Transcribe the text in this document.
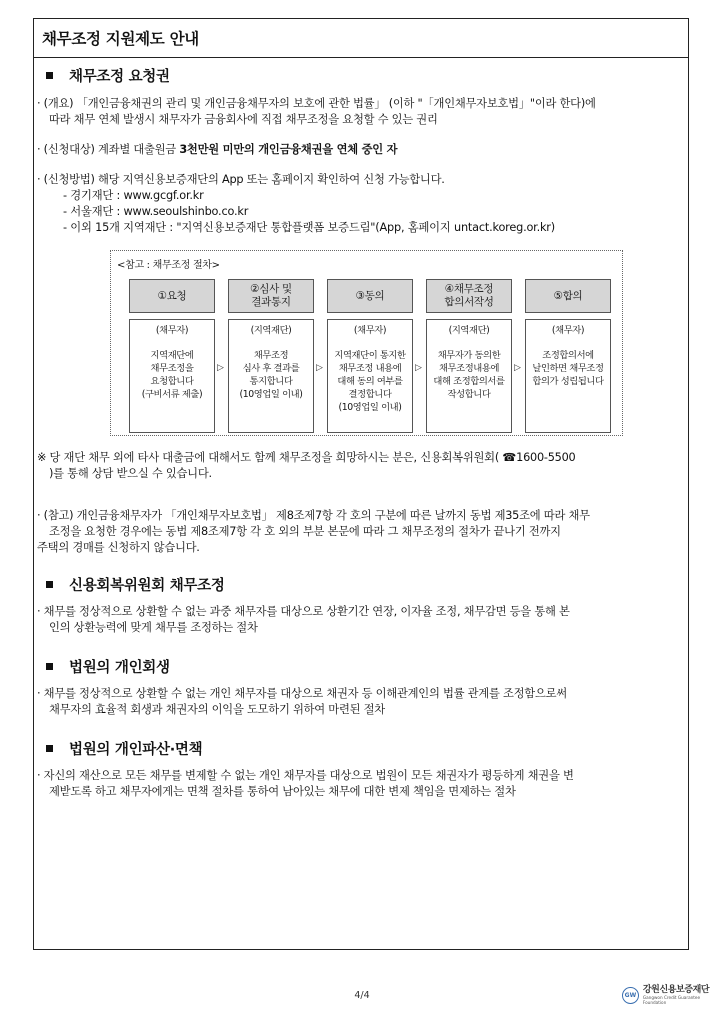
채무조정 지원제도 안내
채무조정 요청권

· (개요) 「개인금융채권의 관리 및 개인금융채무자의 보호에 관한 법률」 (이하 "「개인채무자보호법」"이라 한다)에

따라 채무 연체 발생시 채무자가 금융회사에 직접 채무조정을 요청할 수 있는 권리

· (신청대상) 계좌별 대출원금 3천만원 미만의 개인금융채권을 연체 중인 자

· (신청방법) 해당 지역신용보증재단의 App 또는 홈페이지 확인하여 신청 가능합니다.

- 경기재단 : www.gcgf.or.kr
- 서울재단 : www.seoulshinbo.co.kr
- 이외 15개 지역재단 : "지역신용보증재단 통합플랫폼 보증드림"(App, 홈페이지 untact.koreg.or.kr)
<참고 : 채무조정 절차>
①요청
(채무자)
지역재단에
채무조정을
요청합니다
(구비서류 제출)
▷
②심사 및
결과통지
(지역재단)
채무조정
심사 후 결과를
통지합니다
(10영업일 이내)
▷
③동의
(채무자)
지역재단이 통지한
채무조정 내용에
대해 동의 여부를
결정합니다
(10영업일 이내)
▷
④채무조정
합의서작성
(지역재단)
채무자가 동의한
채무조정내용에
대해 조정합의서를
작성합니다
▷
⑤합의
(채무자)
조정합의서에
날인하면 채무조정
합의가 성립됩니다

※ 당 재단 채무 외에 타사 대출금에 대해서도 함께 채무조정을 희망하시는 분은, 신용회복위원회( ☎1600-5500

)를 통해 상담 받으실 수 있습니다.

· (참고) 개인금융채무자가 「개인채무자보호법」 제8조제7항 각 호의 구분에 따른 날까지 동법 제35조에 따라 채무

조정을 요청한 경우에는 동법 제8조제7항 각 호 외의 부분 본문에 따라 그 채무조정의 절차가 끝나기 전까지

주택의 경매를 신청하지 않습니다.

신용회복위원회 채무조정

· 채무를 정상적으로 상환할 수 없는 과중 채무자를 대상으로 상환기간 연장, 이자율 조정, 채무감면 등을 통해 본

인의 상환능력에 맞게 채무를 조정하는 절차

법원의 개인회생

· 채무를 정상적으로 상환할 수 없는 개인 채무자를 대상으로 채권자 등 이해관계인의 법률 관계를 조정함으로써

채무자의 효율적 회생과 채권자의 이익을 도모하기 위하여 마련된 절차

법원의 개인파산·면책

· 자신의 재산으로 모든 채무를 변제할 수 없는 개인 채무자를 대상으로 법원이 모든 채권자가 평등하게 채권을 변

제받도록 하고 채무자에게는 면책 절차를 통하여 남아있는 채무에 대한 변제 책임을 면제하는 절차

4/4	GW 강원신용보증재단
Gangwon Credit Guarantee Foundation
